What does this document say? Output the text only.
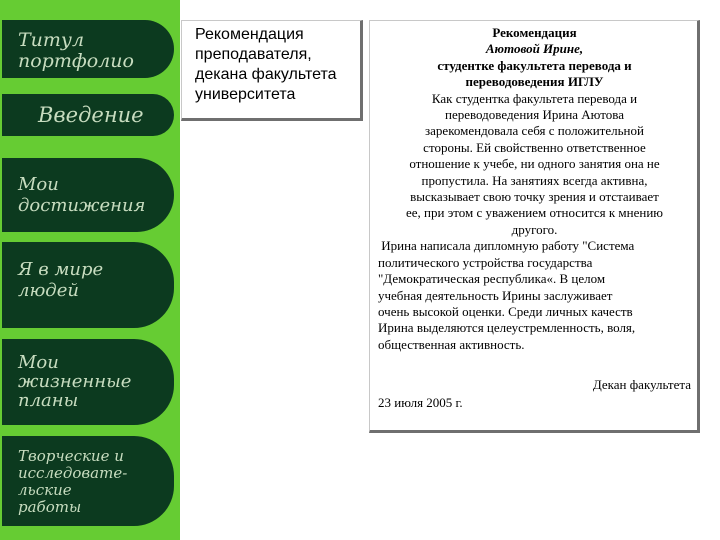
Титул
портфолио
Введение
Мои
достижения
Я в мире
людей
Мои
жизненные
планы
Творческие и
исследовате-
льские
работы
Рекомендация
преподавателя,
декана факультета
университета

Рекомендация

Аютовой Ирине,

студентке факультета перевода и

переводоведения ИГЛУ

Как студентка факультета перевода и

переводоведения Ирина Аютова

зарекомендовала себя с положительной

стороны. Ей свойственно ответственное

отношение к учебе, ни одного занятия она не

пропустила. На занятиях всегда активна,

высказывает свою точку зрения и отстаивает

ее, при этом с уважением относится к мнению

другого.

Ирина написала дипломную работу "Система

политического устройства государства

"Демократическая республика«. В целом

учебная деятельность Ирины заслуживает

очень высокой оценки. Среди личных качеств

Ирина выделяются целеустремленность, воля,

общественная активность.

Декан факультета

23 июля 2005 г.
